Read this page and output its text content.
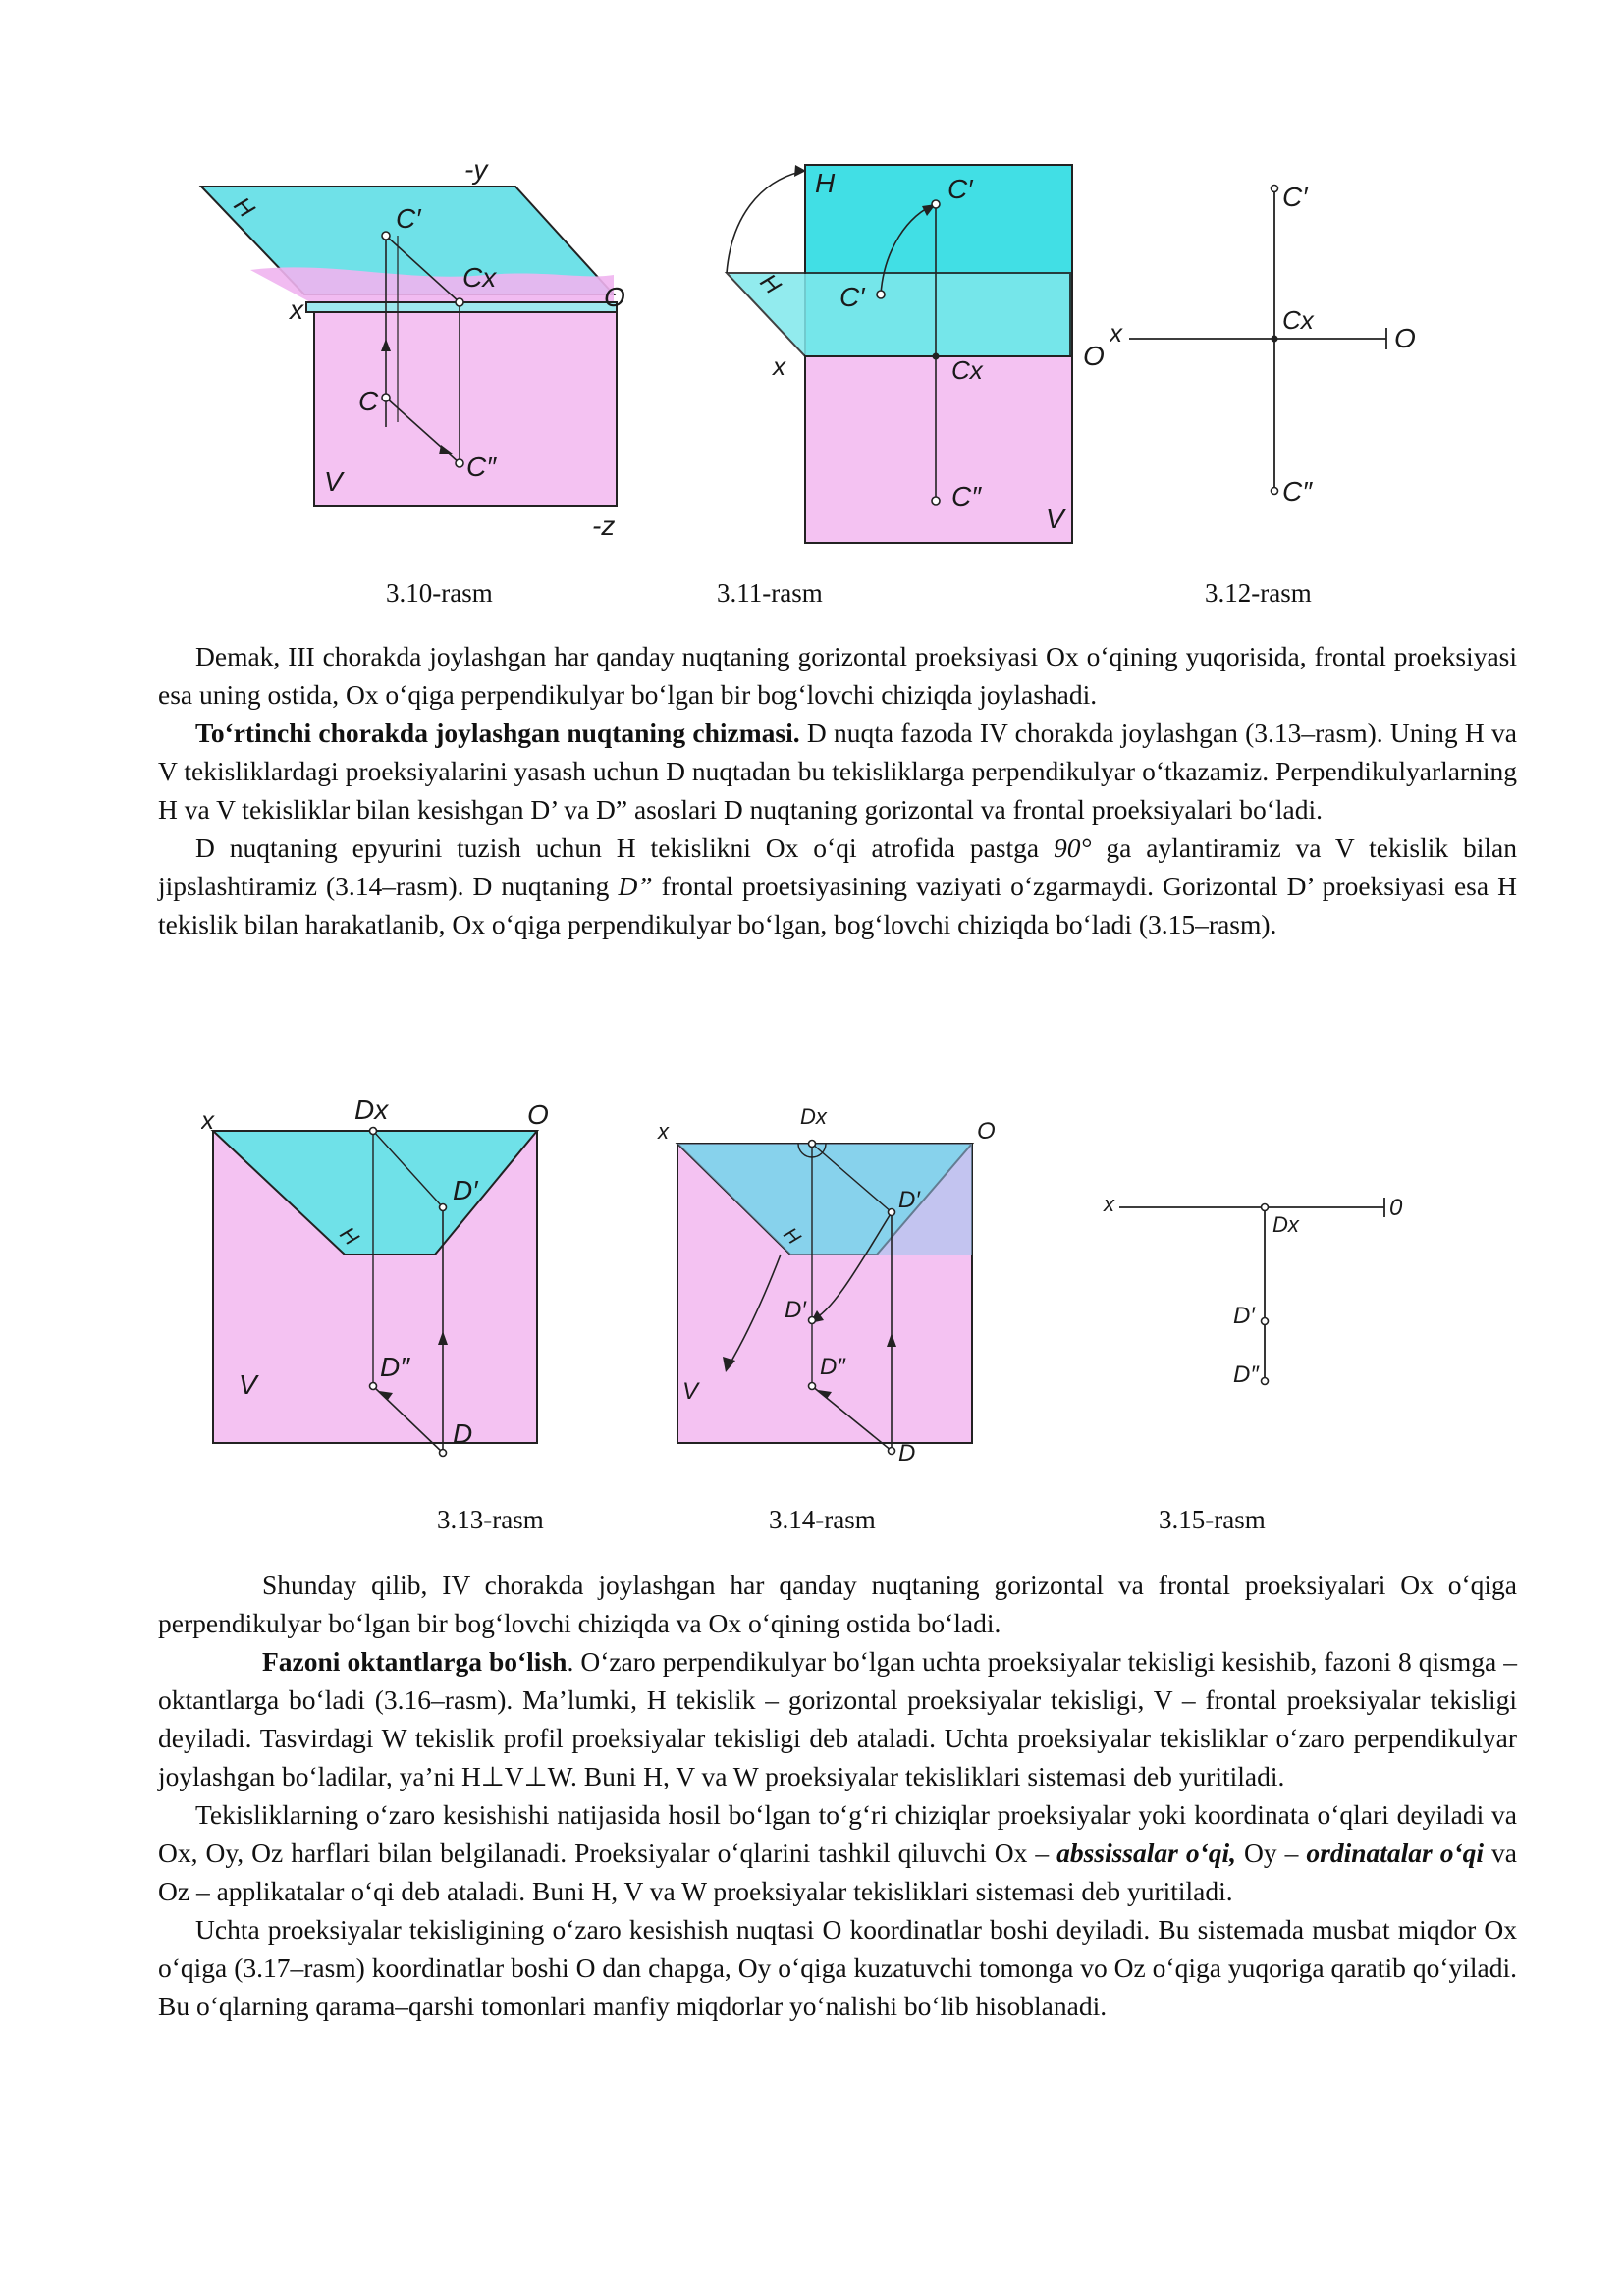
-y
H	C′
Cx
O
x
C
V	C″
-z
H	C′
H C′
x	O
Cx
C″
V
C′
x	Cx
O
C″
3.10-rasm	3.11-rasm	3.12-rasm

Demak, III chorakda joylashgan har qanday nuqtaning gorizontal proeksiyasi Ox o‘qining yuqorisida, frontal proeksiyasi esa uning ostida, Ox o‘qiga perpendikulyar bo‘lgan bir bog‘lovchi chiziqda joylashadi.

To‘rtinchi chorakda joylashgan nuqtaning chizmasi. D nuqta fazoda IV chorakda joylashgan (3.13–rasm). Uning H va V tekisliklardagi proeksiyalarini yasash uchun D nuqtadan bu tekisliklarga perpendikulyar o‘tkazamiz. Perpendikulyarlarning H va V tekisliklar bilan kesishgan D’ va D” asoslari D nuqtaning gorizontal va frontal proeksiyalari bo‘ladi.

D nuqtaning epyurini tuzish uchun H tekislikni Ox o‘qi atrofida pastga 90° ga aylantiramiz va V tekislik bilan jipslashtiramiz (3.14–rasm). D nuqtaning D” frontal proetsiyasining vaziyati o‘zgarmaydi. Gorizontal D’ proeksiyasi esa H tekislik bilan harakatlanib, Ox o‘qiga perpendikulyar bo‘lgan, bog‘lovchi chiziqda bo‘ladi (3.15–rasm).

x	Dx	O
D′
H
V
D″
D
x
Dx
O
D′
H
D′
V
D″
D
x	0
Dx
D′
D″
3.13-rasm	3.14-rasm	3.15-rasm

Shunday qilib, IV chorakda joylashgan har qanday nuqtaning gorizontal va frontal proeksiyalari Ox o‘qiga perpendikulyar bo‘lgan bir bog‘lovchi chiziqda va Ox o‘qining ostida bo‘ladi.

Fazoni oktantlarga bo‘lish. O‘zaro perpendikulyar bo‘lgan uchta proeksiyalar tekisligi kesishib, fazoni 8 qismga – oktantlarga bo‘ladi (3.16–rasm). Ma’lumki, H tekislik – gorizontal proeksiyalar tekisligi, V – frontal proeksiyalar tekisligi deyiladi. Tasvirdagi W tekislik profil proeksiyalar tekisligi deb ataladi. Uchta proeksiyalar tekisliklar o‘zaro perpendikulyar joylashgan bo‘ladilar, ya’ni H⊥V⊥W. Buni H, V va W proeksiyalar tekisliklari sistemasi deb yuritiladi.

Tekisliklarning o‘zaro kesishishi natijasida hosil bo‘lgan to‘g‘ri chiziqlar proeksiyalar yoki koordinata o‘qlari deyiladi va Ox, Oy, Oz harflari bilan belgilanadi. Proeksiyalar o‘qlarini tashkil qiluvchi Ox – abssissalar o‘qi, Oy – ordinatalar o‘qi va Oz – applikatalar o‘qi deb ataladi. Buni H, V va W proeksiyalar tekisliklari sistemasi deb yuritiladi.

Uchta proeksiyalar tekisligining o‘zaro kesishish nuqtasi O koordinatlar boshi deyiladi. Bu sistemada musbat miqdor Ox o‘qiga (3.17–rasm) koordinatlar boshi O dan chapga, Oy o‘qiga kuzatuvchi tomonga vo Oz o‘qiga yuqoriga qaratib qo‘yiladi. Bu o‘qlarning qarama–qarshi tomonlari manfiy miqdorlar yo‘nalishi bo‘lib hisoblanadi.
